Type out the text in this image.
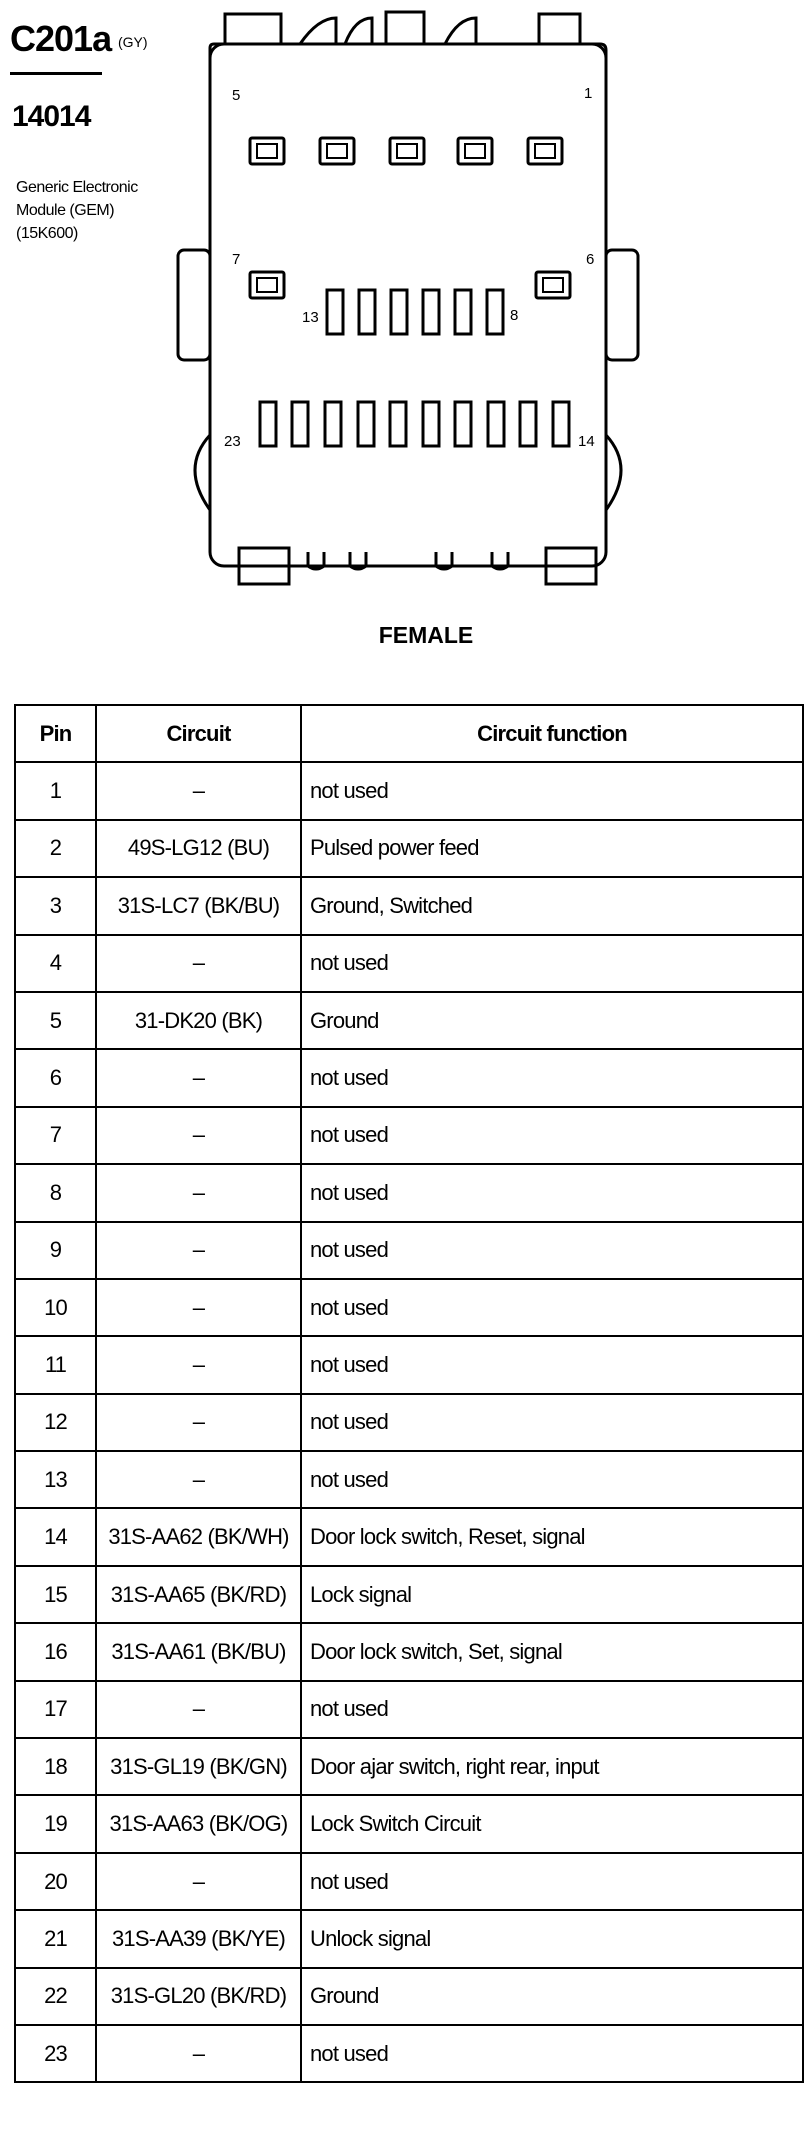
C201a (GY)
14014
Generic Electronic
Module (GEM)
(15K600)
5	1
7	6
13	8
23	14
FEMALE
Pin	Circuit	Circuit function
1	–	not used
2	49S-LG12 (BU)	Pulsed power feed
3	31S-LC7 (BK/BU)	Ground, Switched
4	–	not used
5	31-DK20 (BK)	Ground
6	–	not used
7	–	not used
8	–	not used
9	–	not used
10	–	not used
11	–	not used
12	–	not used
13	–	not used
14	31S-AA62 (BK/WH)	Door lock switch, Reset, signal
15	31S-AA65 (BK/RD)	Lock signal
16	31S-AA61 (BK/BU)	Door lock switch, Set, signal
17	–	not used
18	31S-GL19 (BK/GN)	Door ajar switch, right rear, input
19	31S-AA63 (BK/OG)	Lock Switch Circuit
20	–	not used
21	31S-AA39 (BK/YE)	Unlock signal
22	31S-GL20 (BK/RD)	Ground
23	–	not used
